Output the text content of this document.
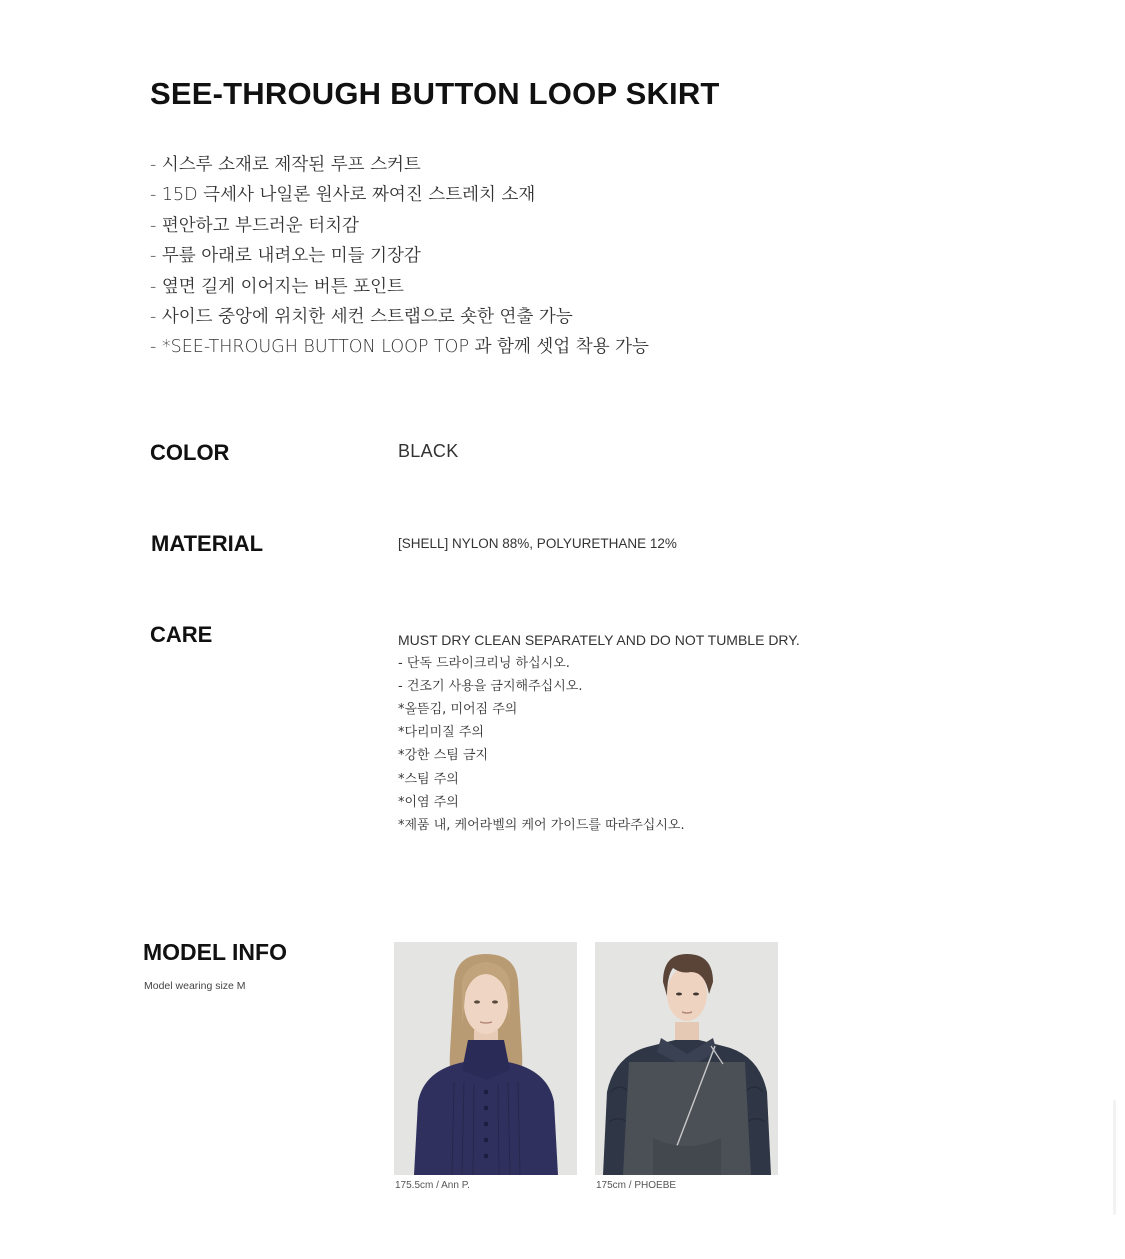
SEE-THROUGH BUTTON LOOP SKIRT
- 시스루 소재로 제작된 루프 스커트
- 15D 극세사 나일론 원사로 짜여진 스트레치 소재
- 편안하고 부드러운 터치감
- 무릎 아래로 내려오는 미들 기장감
- 옆면 길게 이어지는 버튼 포인트
- 사이드 중앙에 위치한 세컨 스트랩으로 숏한 연출 가능
- *SEE-THROUGH BUTTON LOOP TOP 과 함께 셋업 착용 가능
COLOR	BLACK
MATERIAL	[SHELL] NYLON 88%, POLYURETHANE 12%
CARE	MUST DRY CLEAN SEPARATELY AND DO NOT TUMBLE DRY.
- 단독 드라이크리닝 하십시오.
- 건조기 사용을 금지해주십시오.
*올뜯김, 미어짐 주의
*다리미질 주의
*강한 스팀 금지
*스팀 주의
*이염 주의
*제품 내, 케어라벨의 케어 가이드를 따라주십시오.
MODEL INFO
Model wearing size M
175.5cm / Ann P.	175cm / PHOEBE
